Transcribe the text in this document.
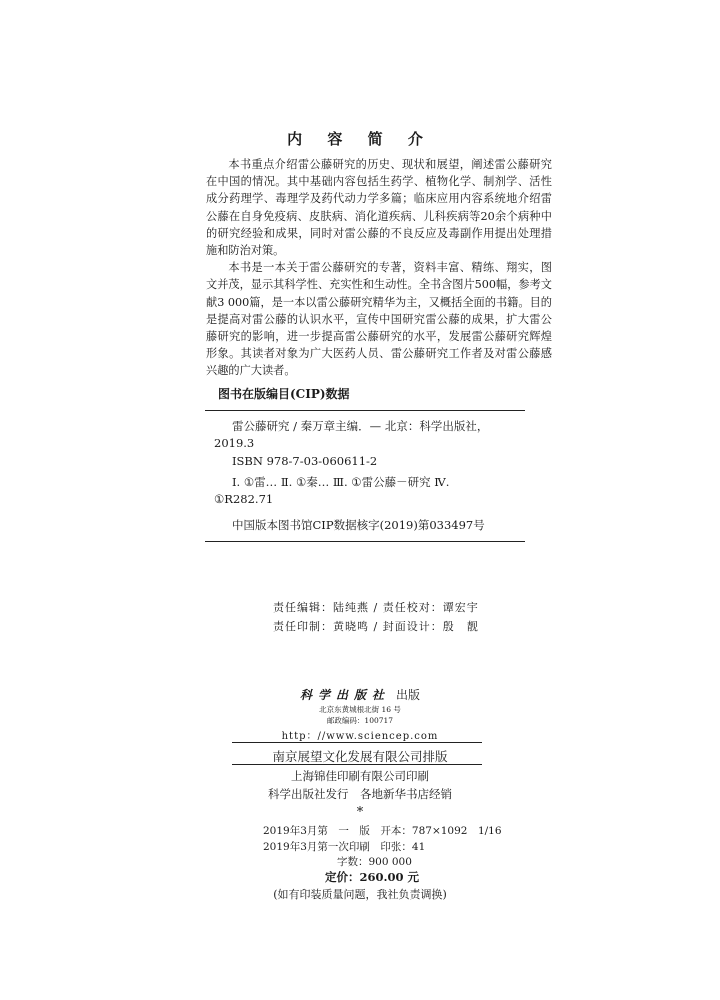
内 容 简 介

本书重点介绍雷公藤研究的历史、现状和展望，阐述雷公藤研究在中国的情况。其中基础内容包括生药学、植物化学、制剂学、活性成分药理学、毒理学及药代动力学多篇；临床应用内容系统地介绍雷公藤在自身免疫病、皮肤病、消化道疾病、儿科疾病等20余个病种中的研究经验和成果，同时对雷公藤的不良反应及毒副作用提出处理措施和防治对策。

本书是一本关于雷公藤研究的专著，资料丰富、精练、翔实，图文并茂，显示其科学性、充实性和生动性。全书含图片500幅，参考文献3 000篇，是一本以雷公藤研究精华为主，又概括全面的书籍。目的是提高对雷公藤的认识水平，宣传中国研究雷公藤的成果，扩大雷公藤研究的影响，进一步提高雷公藤研究的水平，发展雷公藤研究辉煌形象。其读者对象为广大医药人员、雷公藤研究工作者及对雷公藤感兴趣的广大读者。

图书在版编目(CIP)数据
雷公藤研究 / 秦万章主编．— 北京：科学出版社，
2019.3
ISBN 978-7-03-060611-2
Ⅰ. ①雷… Ⅱ. ①秦… Ⅲ. ①雷公藤－研究 Ⅳ.
①R282.71
中国版本图书馆CIP数据核字(2019)第033497号
责任编辑：陆纯燕 / 责任校对：谭宏宇
责任印制：黄晓鸣 / 封面设计：殷　靓
科学出版社 出版
北京东黄城根北街 16 号
邮政编码：100717
http：//www.sciencep.com
南京展望文化发展有限公司排版
上海锦佳印刷有限公司印刷
科学出版社发行　各地新华书店经销
*
2019年3月第　一　版　开本：787×1092　1/16
2019年3月第一次印刷　印张：41
字数：900 000
定价：260.00 元
(如有印装质量问题，我社负责调换)
